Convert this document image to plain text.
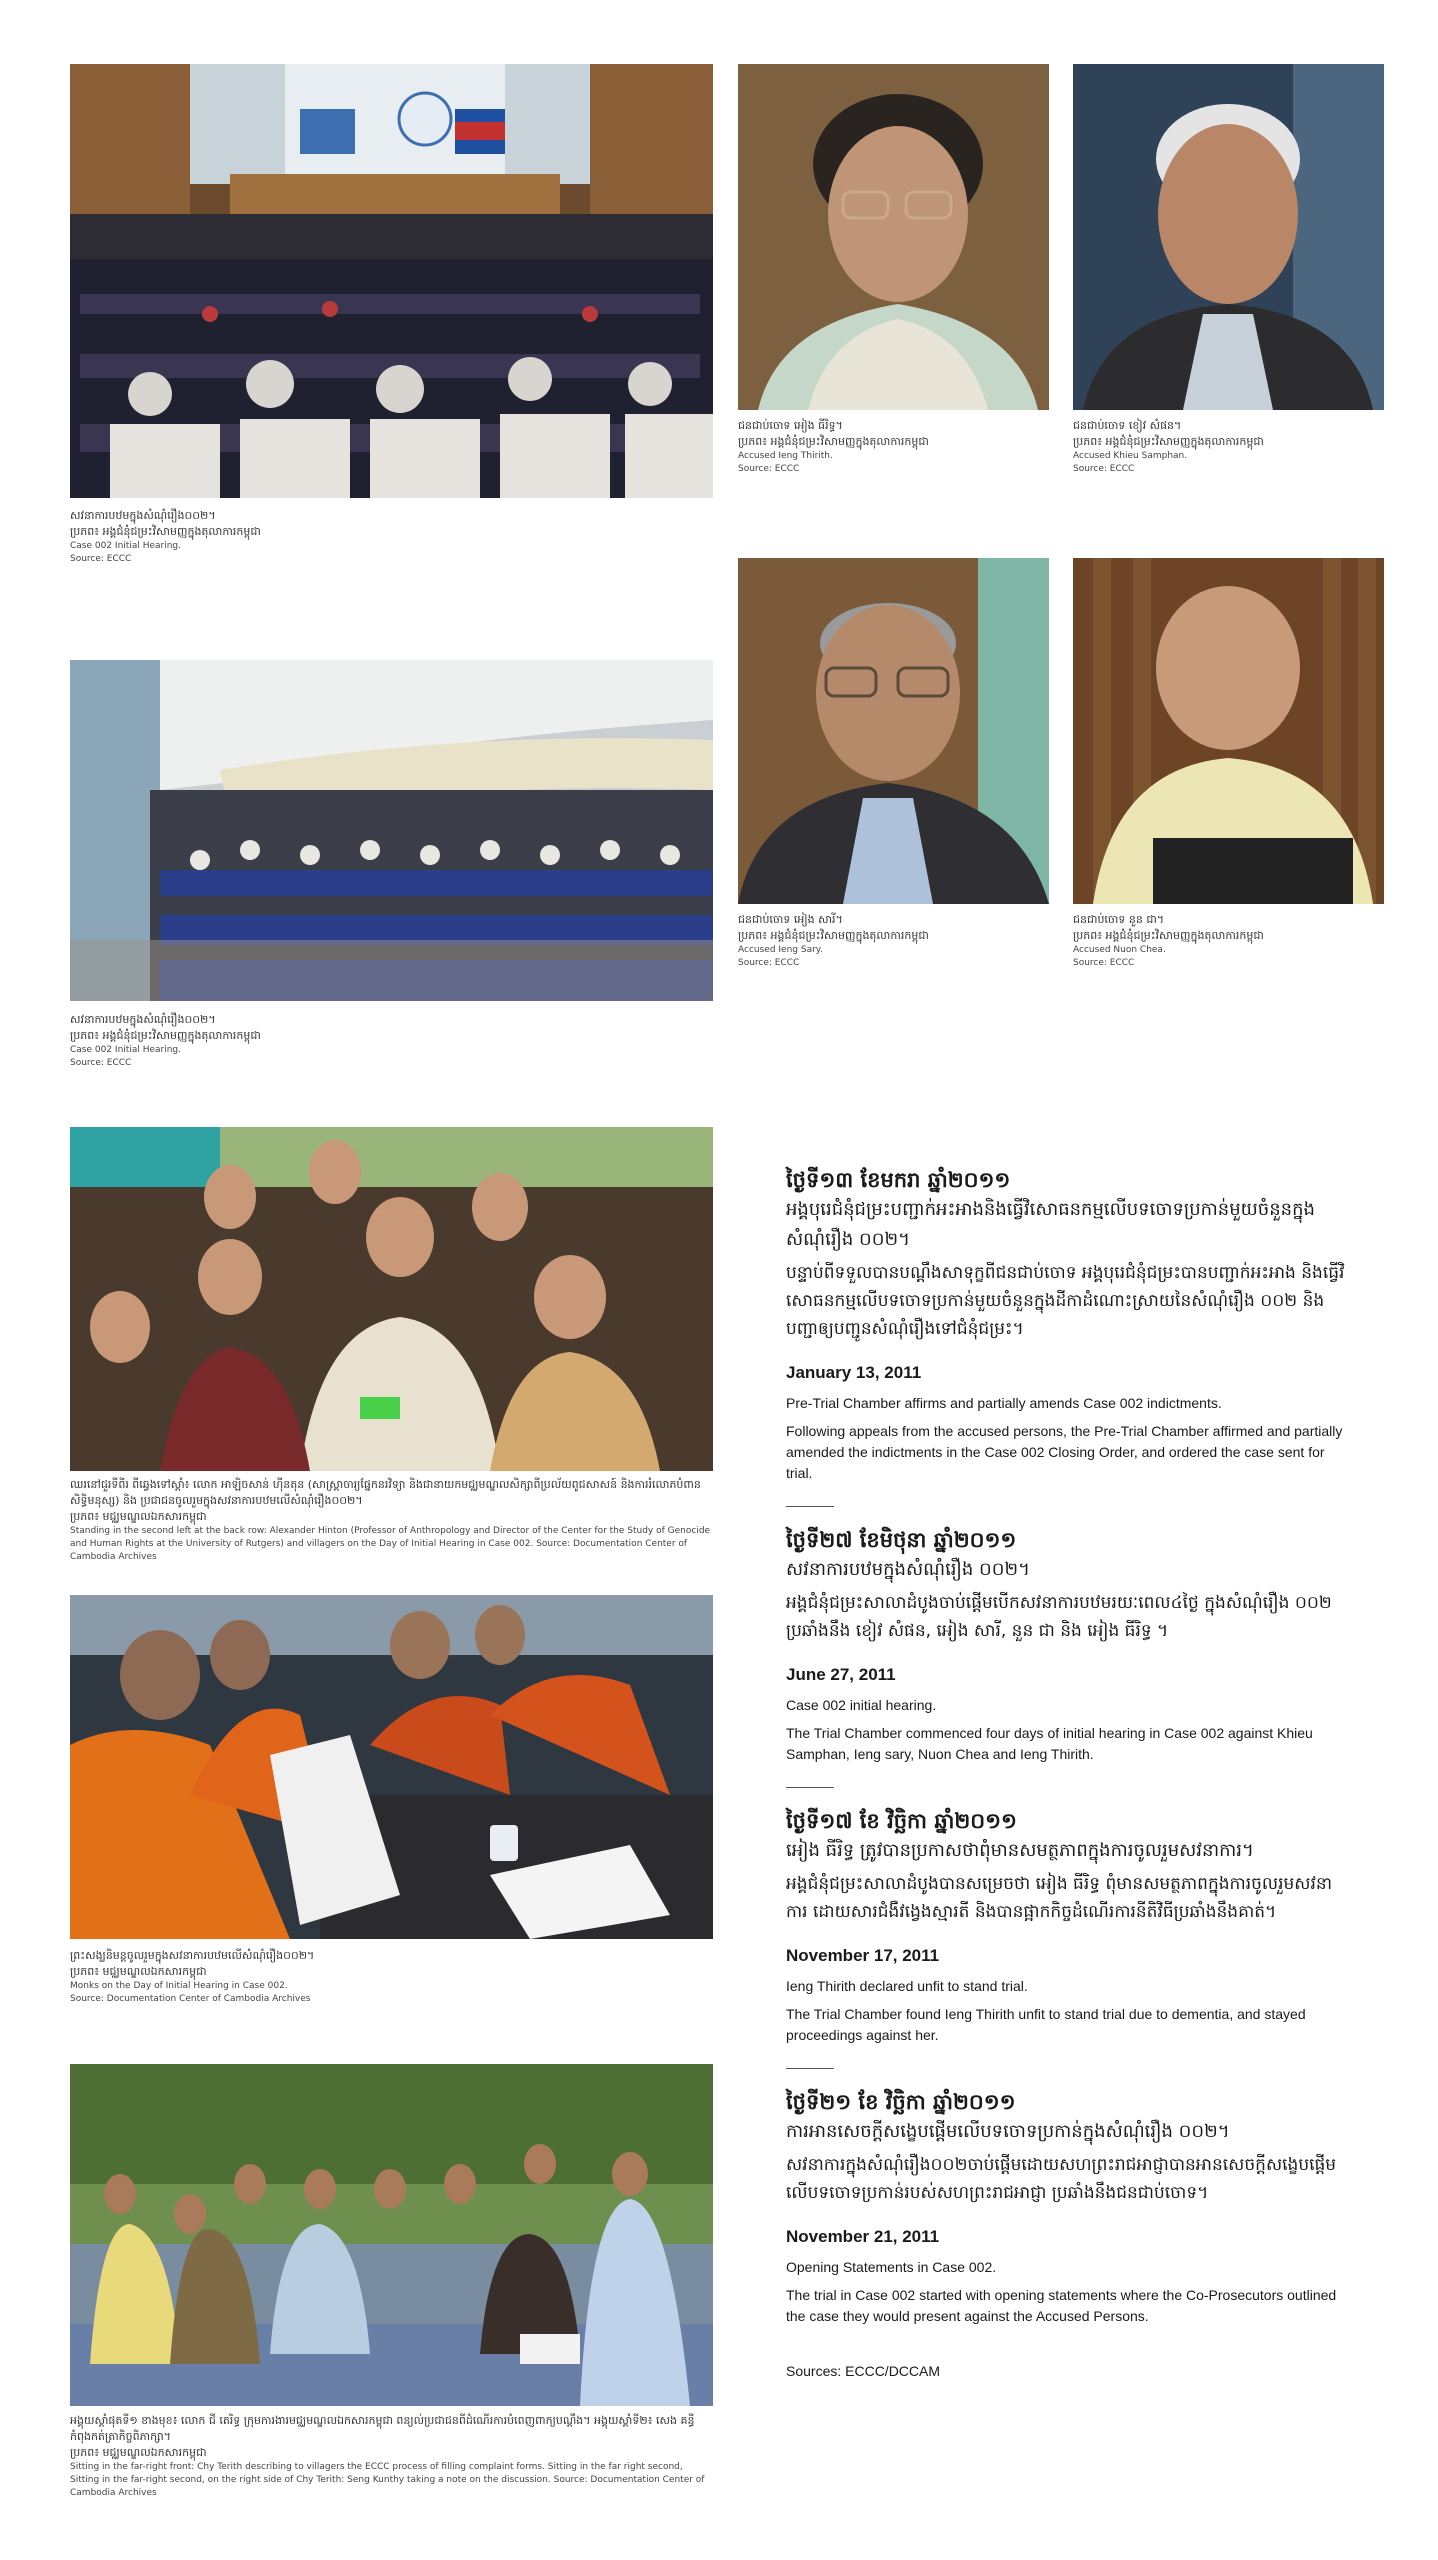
សវនាការបឋមក្នុងសំណុំរឿង០០២។
ប្រភព៖ អង្គជំនុំជម្រះវិសាមញ្ញក្នុងតុលាការកម្ពុជា
Case 002 Initial Hearing.
Source: ECCC
ជនជាប់ចោទ អៀង ធីរិទ្ធ។
ប្រភព៖ អង្គជំនុំជម្រះវិសាមញ្ញក្នុងតុលាការកម្ពុជា
Accused Ieng Thirith.
Source: ECCC
ជនជាប់ចោទ ខៀវ សំផន។
ប្រភព៖ អង្គជំនុំជម្រះវិសាមញ្ញក្នុងតុលាការកម្ពុជា
Accused Khieu Samphan.
Source: ECCC
ជនជាប់ចោទ អៀង សារី។
ប្រភព៖ អង្គជំនុំជម្រះវិសាមញ្ញក្នុងតុលាការកម្ពុជា
Accused Ieng Sary.
Source: ECCC
ជនជាប់ចោទ នួន ជា។
ប្រភព៖ អង្គជំនុំជម្រះវិសាមញ្ញក្នុងតុលាការកម្ពុជា
Accused Nuon Chea.
Source: ECCC
សវនាការបឋមក្នុងសំណុំរឿង០០២។
ប្រភព៖ អង្គជំនុំជម្រះវិសាមញ្ញក្នុងតុលាការកម្ពុជា
Case 002 Initial Hearing.
Source: ECCC
ឈរនៅជួរទីពីរ ពីឆ្វេងទៅស្តាំ៖ លោក អាឡិចសាន់ ហ៊ីនតុន (សាស្ត្រាចារ្យផ្នែកនរវិទ្យា និងជានាយកមជ្ឈមណ្ឌលសិក្សាពីប្រល័យពូជសាសន៍ និងការរំលោភបំពានសិទ្ធិមនុស្ស) និង ប្រជាជនចូលរួមក្នុងសវនាការបឋមលើសំណុំរឿង០០២។
ប្រភព៖ មជ្ឈមណ្ឌលឯកសារកម្ពុជា
Standing in the second left at the back row: Alexander Hinton (Professor of Anthropology and Director of the Center for the Study of Genocide and Human Rights at the University of Rutgers) and villagers on the Day of Initial Hearing in Case 002. Source: Documentation Center of Cambodia Archives
ព្រះសង្ឃនិមន្តចូលរួមក្នុងសវនាការបឋមលើសំណុំរឿង០០២។
ប្រភព៖ មជ្ឈមណ្ឌលឯកសារកម្ពុជា
Monks on the Day of Initial Hearing in Case 002.
Source: Documentation Center of Cambodia Archives
អង្គុយស្តាំផុតទី១ ខាងមុខ៖ លោក ជី តេរិទ្ធ ក្រុមការងារមជ្ឈមណ្ឌលឯកសារកម្ពុជា ពន្យល់ប្រជាជនពីដំណើរការបំពេញពាក្យបណ្តឹង។ អង្គុយស្តាំទី២៖ សេង គន្ធី កំពុងកត់ត្រាកិច្ចពិភាក្សា។
ប្រភព៖ មជ្ឈមណ្ឌលឯកសារកម្ពុជា
Sitting in the far-right front: Chy Terith describing to villagers the ECCC process of filling complaint forms. Sitting in the far right second, Sitting in the far-right second, on the right side of Chy Terith: Seng Kunthy taking a note on the discussion. Source: Documentation Center of Cambodia Archives
ថ្ងៃទី១៣ ខែមករា ឆ្នាំ២០១១
អង្គបុរេជំនុំជម្រះបញ្ជាក់អះអាងនិងធ្វើវិសោធនកម្មលើបទចោទប្រកាន់មួយចំនួនក្នុងសំណុំរឿង ០០២។
បន្ទាប់ពីទទួលបានបណ្តឹងសាទុក្ខពីជនជាប់ចោទ អង្គបុរេជំនុំជម្រះបានបញ្ជាក់អះអាង និងធ្វើវិសោធនកម្មលើបទចោទប្រកាន់មួយចំនួនក្នុងដីកាដំណោះស្រាយនៃសំណុំរឿង ០០២ និងបញ្ជាឲ្យបញ្ជូនសំណុំរឿងទៅជំនុំជម្រះ។
January 13, 2011
Pre-Trial Chamber affirms and partially amends Case 002 indictments.
Following appeals from the accused persons, the Pre-Trial Chamber affirmed and partially amended the indictments in the Case 002 Closing Order, and ordered the case sent for trial.
ថ្ងៃទី២៧ ខែមិថុនា ឆ្នាំ២០១១
សវនាការបឋមក្នុងសំណុំរឿង ០០២។
អង្គជំនុំជម្រះសាលាដំបូងចាប់ផ្តើមបើកសវនាការបឋមរយៈពេល៤ថ្ងៃ ក្នុងសំណុំរឿង ០០២ ប្រឆាំងនឹង ខៀវ សំផន, អៀង សារី, នួន ជា និង អៀង ធីរិទ្ធ ។
June 27, 2011
Case 002 initial hearing.
The Trial Chamber commenced four days of initial hearing in Case 002 against Khieu Samphan, Ieng sary, Nuon Chea and Ieng Thirith.
ថ្ងៃទី១៧ ខែ វិច្ឆិកា ឆ្នាំ២០១១
អៀង ធីរិទ្ធ ត្រូវបានប្រកាសថាពុំមានសមត្ថភាពក្នុងការចូលរួមសវនាការ។
អង្គជំនុំជម្រះសាលាដំបូងបានសម្រេចថា អៀង ធីរិទ្ធ ពុំមានសមត្ថភាពក្នុងការចូលរួមសវនាការ ដោយសារជំងឺវង្វេងស្មារតី និងបានផ្អាកកិច្ចដំណើរការនីតិវិធីប្រឆាំងនឹងគាត់។
November 17, 2011
Ieng Thirith declared unfit to stand trial.
The Trial Chamber found Ieng Thirith unfit to stand trial due to dementia, and stayed proceedings against her.
ថ្ងៃទី២១ ខែ វិច្ឆិកា ឆ្នាំ២០១១
ការអានសេចក្តីសង្ខេបផ្តើមលើបទចោទប្រកាន់ក្នុងសំណុំរឿង ០០២។
សវនាការក្នុងសំណុំរឿង០០២ចាប់ផ្តើមដោយសហព្រះរាជអាជ្ញាបានអានសេចក្តីសង្ខេបផ្តើម លើបទចោទប្រកាន់របស់សហព្រះរាជអាជ្ញា ប្រឆាំងនឹងជនជាប់ចោទ។
November 21, 2011
Opening Statements in Case 002.
The trial in Case 002 started with opening statements where the Co-Prosecutors outlined the case they would present against the Accused Persons.
Sources: ECCC/DCCAM
